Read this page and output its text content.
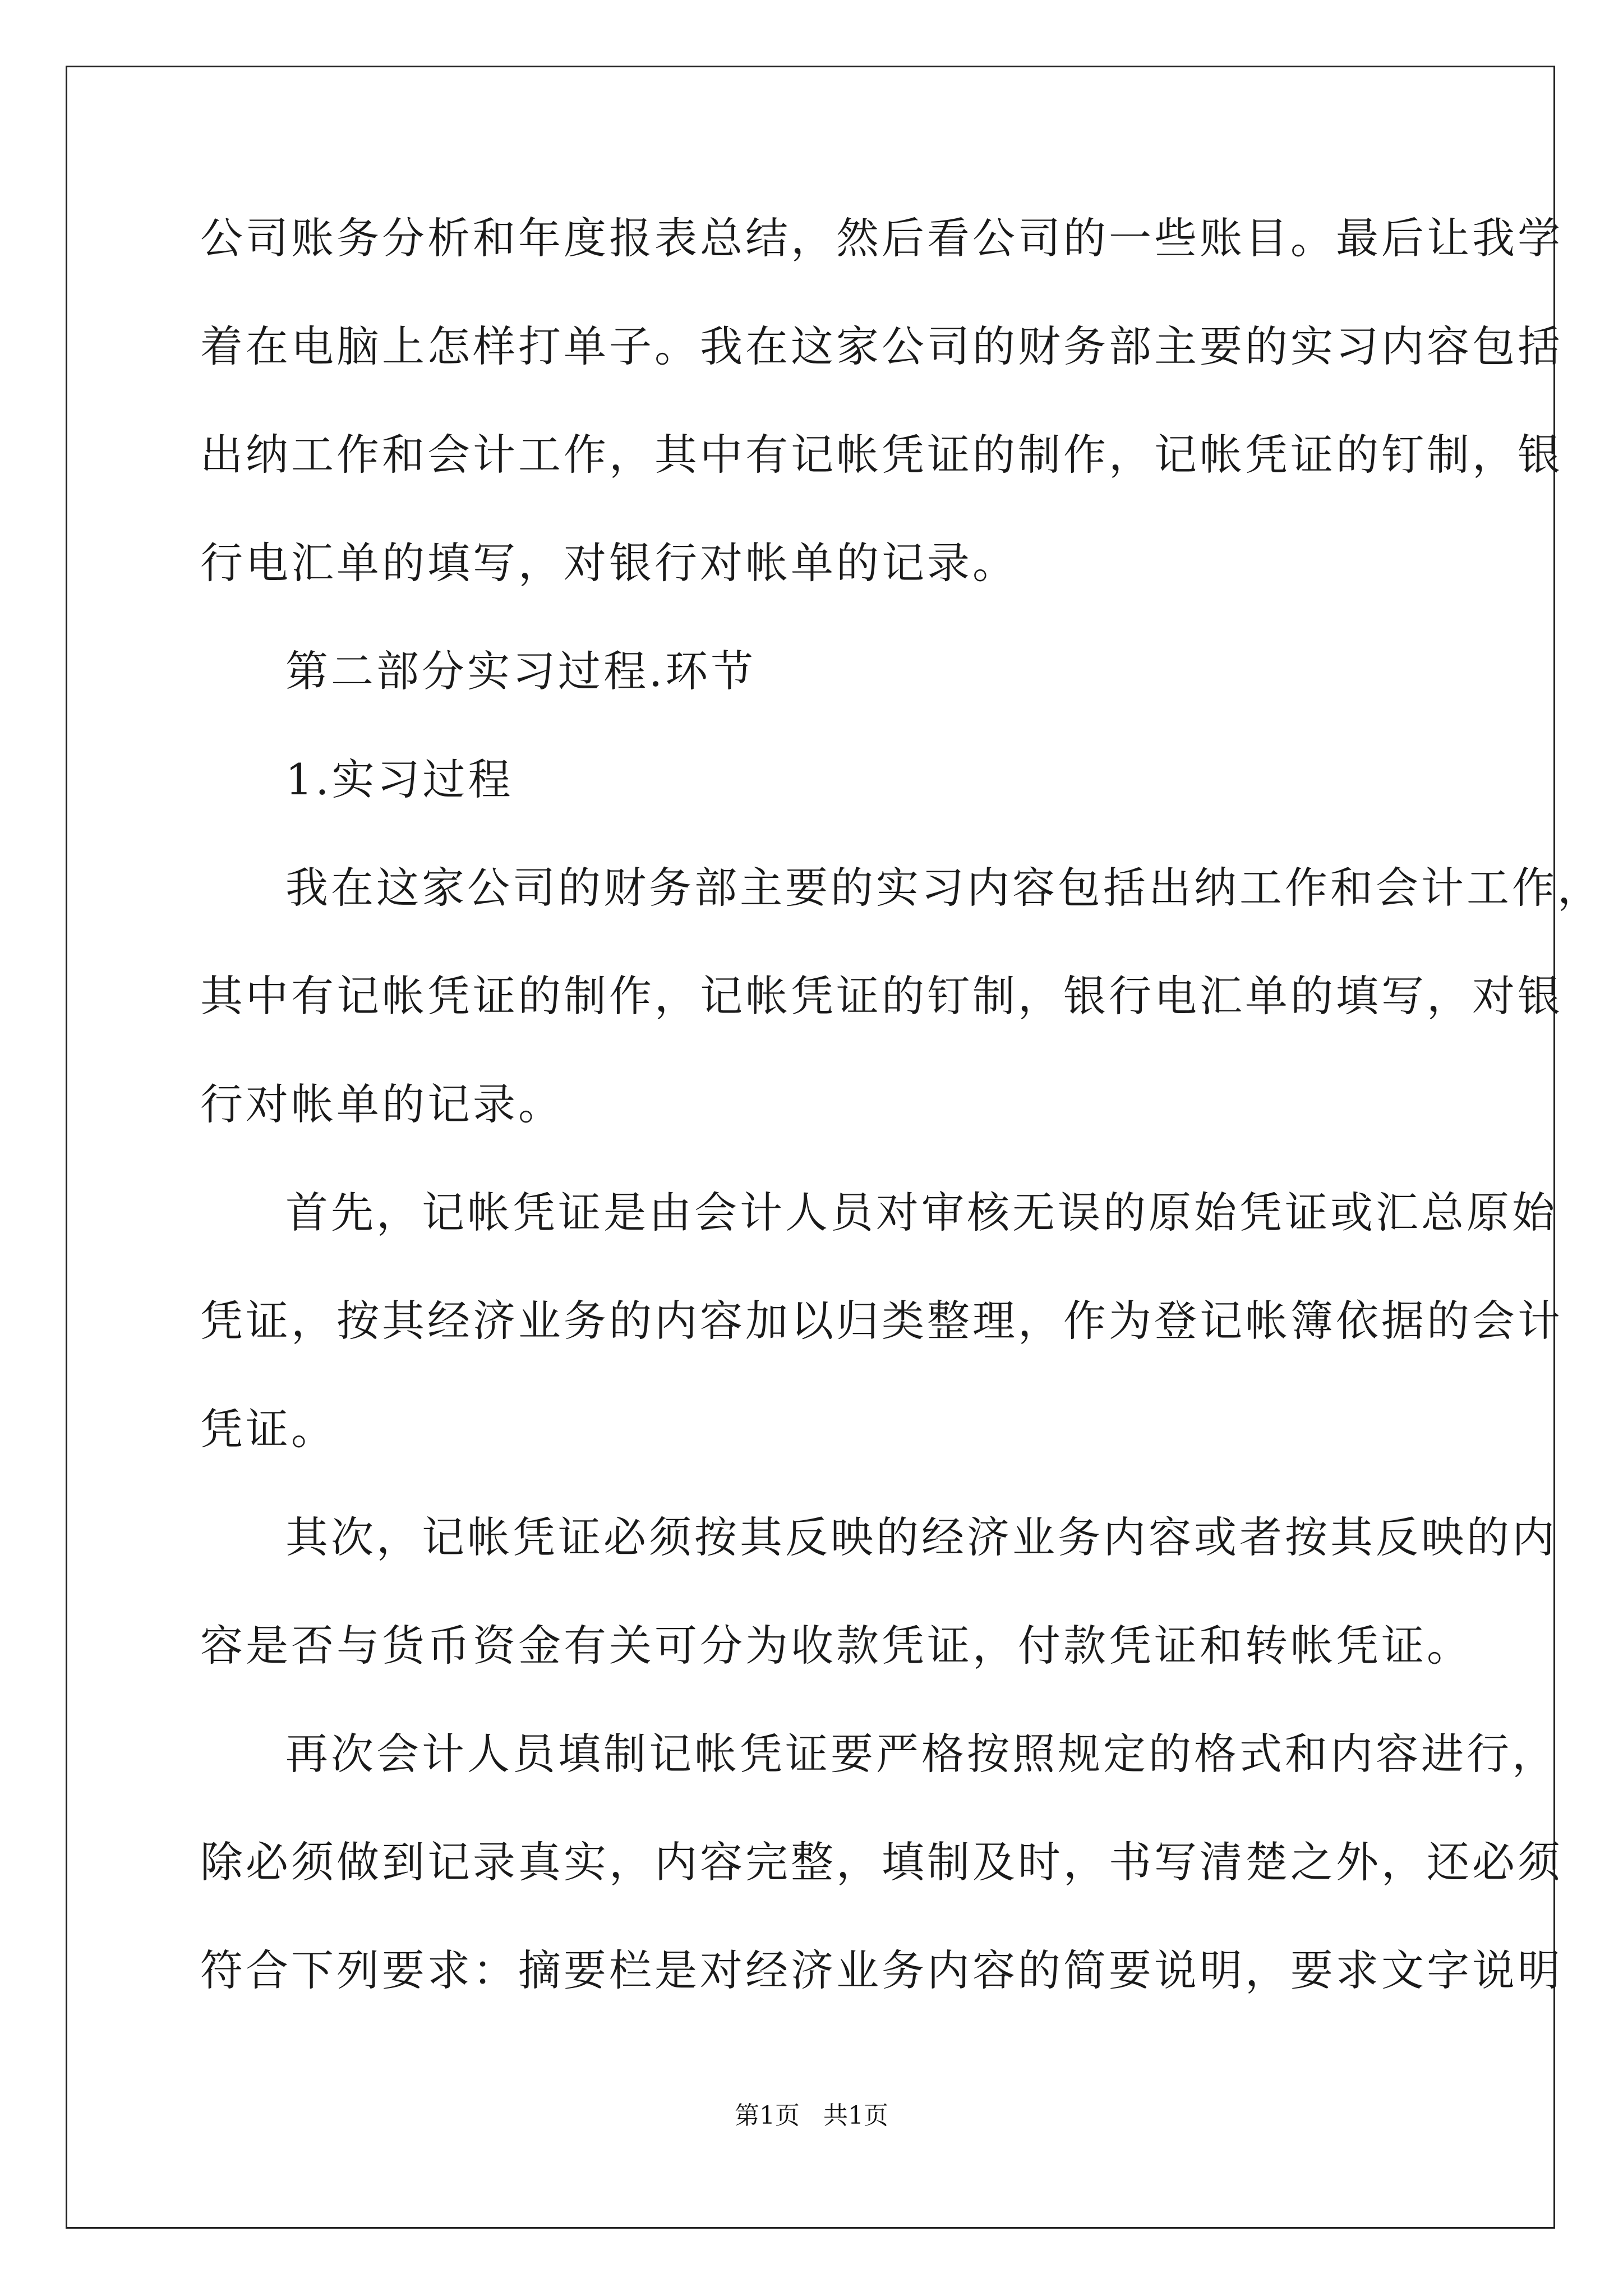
公司账务分析和年度报表总结，然后看公司的一些账目。最后让我学
着在电脑上怎样打单子。我在这家公司的财务部主要的实习内容包括
出纳工作和会计工作，其中有记帐凭证的制作，记帐凭证的钉制，银
行电汇单的填写，对银行对帐单的记录。
第二部分实习过程.环节
1.实习过程
我在这家公司的财务部主要的实习内容包括出纳工作和会计工作，
其中有记帐凭证的制作，记帐凭证的钉制，银行电汇单的填写，对银
行对帐单的记录。
首先，记帐凭证是由会计人员对审核无误的原始凭证或汇总原始
凭证，按其经济业务的内容加以归类整理，作为登记帐簿依据的会计
凭证。
其次，记帐凭证必须按其反映的经济业务内容或者按其反映的内
容是否与货币资金有关可分为收款凭证，付款凭证和转帐凭证。
再次会计人员填制记帐凭证要严格按照规定的格式和内容进行，
除必须做到记录真实，内容完整，填制及时，书写清楚之外，还必须
符合下列要求：摘要栏是对经济业务内容的简要说明，要求文字说明
第1页 共1页
